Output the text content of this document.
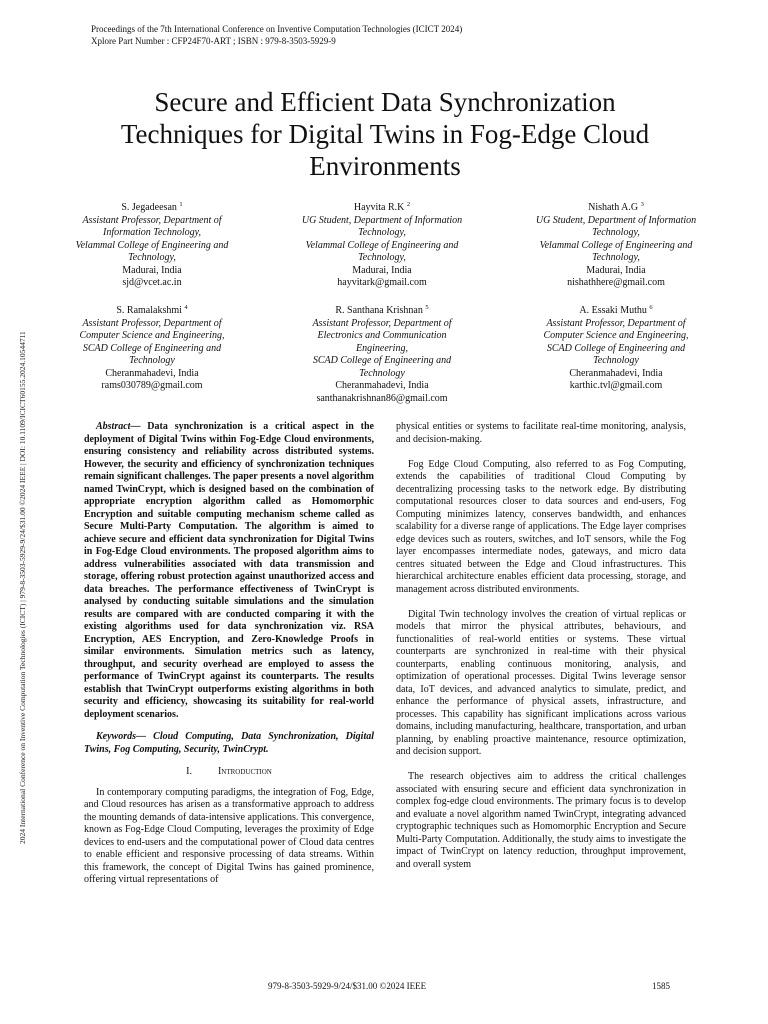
Proceedings of the 7th International Conference on Inventive Computation Technologies (ICICT 2024)
Xplore Part Number : CFP24F70-ART ; ISBN : 979-8-3503-5929-9
2024 International Conference on Inventive Computation Technologies (ICICT) | 979-8-3503-5929-9/24/$31.00 ©2024 IEEE | DOI: 10.1109/ICICT60155.2024.10544711
Secure and Efficient Data Synchronization
Techniques for Digital Twins in Fog-Edge Cloud
Environments
S. Jegadeesan $^1$
Assistant Professor, Department of
Information Technology,
Velammal College of Engineering and
Technology,
Madurai, India
sjd@vcet.ac.in
Hayvita R.K $^2$
UG Student, Department of Information
Technology,
Velammal College of Engineering and
Technology,
Madurai, India
hayvitark@gmail.com
Nishath A.G $^3$
UG Student, Department of Information
Technology,
Velammal College of Engineering and
Technology,
Madurai, India
nishathhere@gmail.com
S. Ramalakshmi $^4$
Assistant Professor, Department of
Computer Science and Engineering,
SCAD College of Engineering and
Technology
Cheranmahadevi, India
rams030789@gmail.com
R. Santhana Krishnan $^5$
Assistant Professor, Department of
Electronics and Communication
Engineering,
SCAD College of Engineering and
Technology
Cheranmahadevi, India
santhanakrishnan86@gmail.com
A. Essaki Muthu $^6$
Assistant Professor, Department of
Computer Science and Engineering,
SCAD College of Engineering and
Technology
Cheranmahadevi, India
karthic.tvl@gmail.com

Abstract— Data synchronization is a critical aspect in the deployment of Digital Twins within Fog-Edge Cloud environments, ensuring consistency and reliability across distributed systems. However, the security and efficiency of synchronization techniques remain significant challenges. The paper presents a novel algorithm named TwinCrypt, which is designed based on the combination of appropriate encryption algorithm called as Homomorphic Encryption and suitable computing mechanism scheme called as Secure Multi-Party Computation. The algorithm is aimed to achieve secure and efficient data synchronization for Digital Twins in Fog-Edge Cloud environments. The proposed algorithm aims to address vulnerabilities associated with data transmission and storage, offering robust protection against unauthorized access and data breaches. The performance effectiveness of TwinCrypt is analysed by conducting suitable simulations and the simulation results are compared with are conducted comparing it with the existing algorithms used for data synchronization viz. RSA Encryption, AES Encryption, and Zero-Knowledge Proofs in similar environments. Simulation metrics such as latency, throughput, and security overhead are employed to assess the performance of TwinCrypt against its counterparts. The results establish that TwinCrypt outperforms existing algorithms in both security and efficiency, showcasing its suitability for real-world deployment scenarios.

Keywords— Cloud Computing, Data Synchronization, Digital Twins, Fog Computing, Security, TwinCrypt.

I.	Introduction

In contemporary computing paradigms, the integration of Fog, Edge, and Cloud resources has arisen as a transformative approach to address the mounting demands of data-intensive applications. This convergence, known as Fog-Edge Cloud Computing, leverages the proximity of Edge devices to end-users and the computational power of Cloud data centres to enable efficient and responsive processing of data streams. Within this framework, the concept of Digital Twins has gained prominence, offering virtual representations of

physical entities or systems to facilitate real-time monitoring, analysis, and decision-making.

Fog Edge Cloud Computing, also referred to as Fog Computing, extends the capabilities of traditional Cloud Computing by decentralizing processing tasks to the network edge. By distributing computational resources closer to data sources and end-users, Fog Computing minimizes latency, conserves bandwidth, and enhances scalability for a diverse range of applications. The Edge layer comprises edge devices such as routers, switches, and IoT sensors, while the Fog layer encompasses intermediate nodes, gateways, and micro data centres situated between the Edge and Cloud infrastructures. This hierarchical architecture enables efficient data processing, storage, and management across distributed environments.

Digital Twin technology involves the creation of virtual replicas or models that mirror the physical attributes, behaviours, and functionalities of real-world entities or systems. These virtual counterparts are synchronized in real-time with their physical counterparts, enabling continuous monitoring, analysis, and optimization of operational processes. Digital Twins leverage sensor data, IoT devices, and advanced analytics to simulate, predict, and enhance the performance of physical assets, infrastructure, and processes. This capability has significant implications across various domains, including manufacturing, healthcare, transportation, and urban planning, by enabling proactive maintenance, resource optimization, and decision support.

The research objectives aim to address the critical challenges associated with ensuring secure and efficient data synchronization in complex fog-edge cloud environments. The primary focus is to develop and evaluate a novel algorithm named TwinCrypt, integrating advanced cryptographic techniques such as Homomorphic Encryption and Secure Multi-Party Computation. Additionally, the study aims to investigate the impact of TwinCrypt on latency reduction, throughput improvement, and overall system

979-8-3503-5929-9/24/$31.00 ©2024 IEEE	1585
